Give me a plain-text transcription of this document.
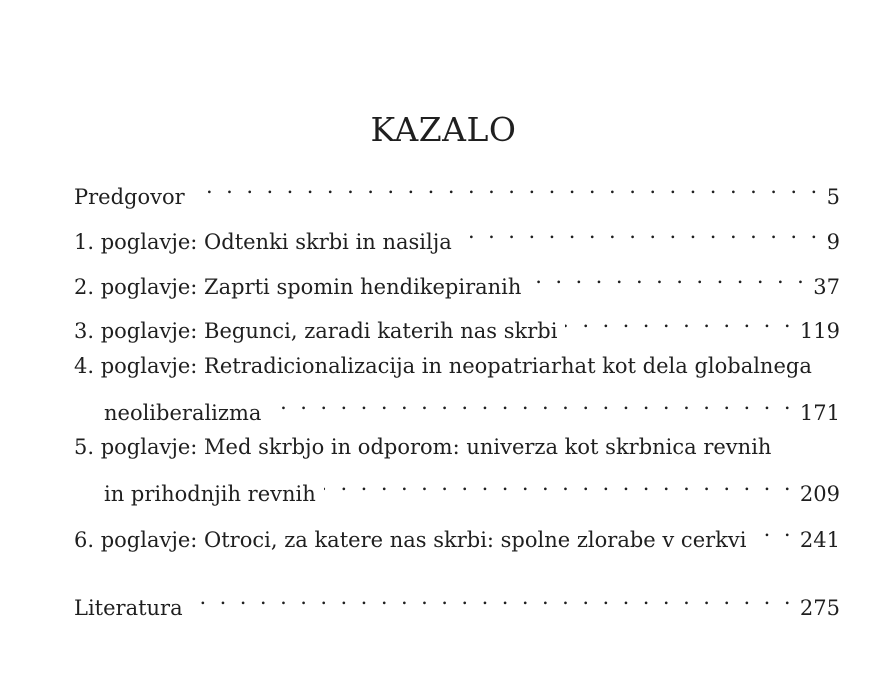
KAZALO
Predgovor . . .	5
1. poglavje: Odtenki skrbi in nasilja . . .	9
2. poglavje: Zaprti spomin hendikepiranih . . .	37
3. poglavje: Begunci, zaradi katerih nas skrbi . . .	119
4. poglavje: Retradicionalizacija in neopatriarhat kot dela globalnega
neoliberalizma . . .	171
5. poglavje: Med skrbjo in odporom: univerza kot skrbnica revnih
in prihodnjih revnih . . .	209
6. poglavje: Otroci, za katere nas skrbi: spolne zlorabe v cerkvi . . .	241
Literatura . . .	275
